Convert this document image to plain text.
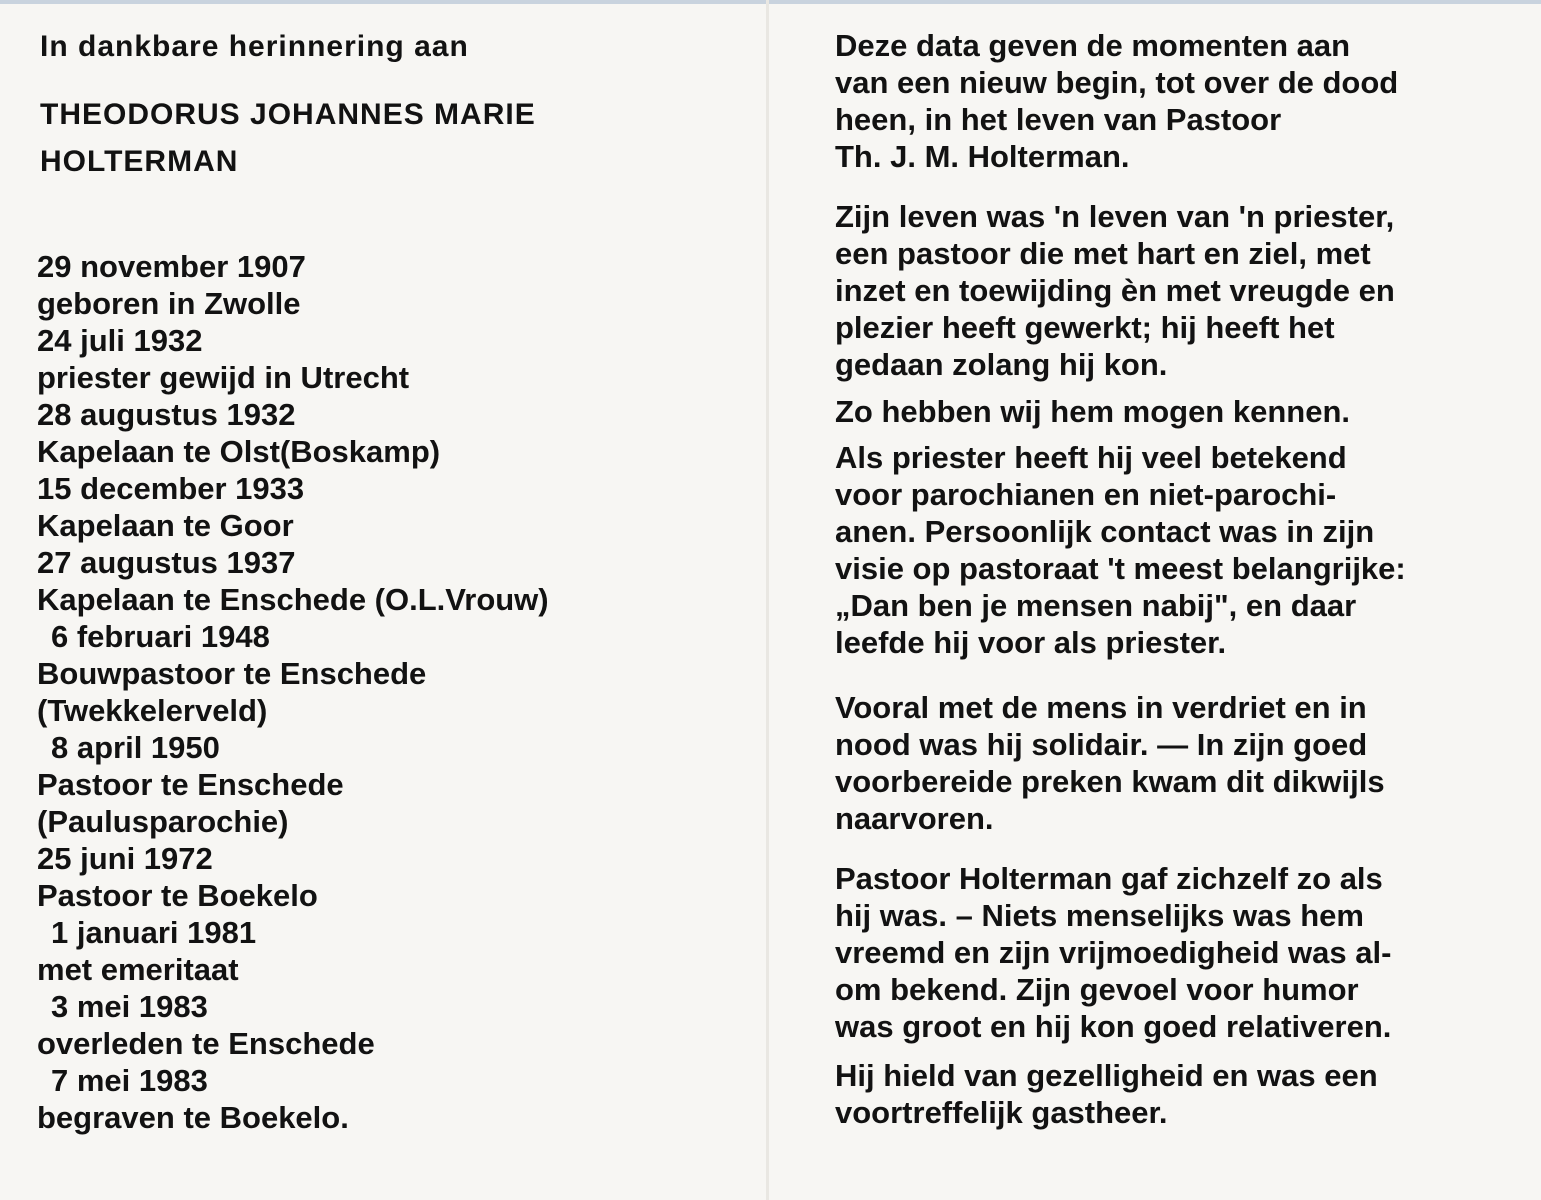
In dankbare herinnering aan
THEODORUS JOHANNES MARIE
HOLTERMAN
29 november 1907
geboren in Zwolle
24 juli 1932
priester gewijd in Utrecht
28 augustus 1932
Kapelaan te Olst(Boskamp)
15 december 1933
Kapelaan te Goor
27 augustus 1937
Kapelaan te Enschede (O.L.Vrouw)
6 februari 1948
Bouwpastoor te Enschede
(Twekkelerveld)
8 april 1950
Pastoor te Enschede
(Paulusparochie)
25 juni 1972
Pastoor te Boekelo
1 januari 1981
met emeritaat
3 mei 1983
overleden te Enschede
7 mei 1983
begraven te Boekelo.

Deze data geven de momenten aan
van een nieuw begin, tot over de dood
heen, in het leven van Pastoor
Th. J. M. Holterman.

Zijn leven was 'n leven van 'n priester,
een pastoor die met hart en ziel, met
inzet en toewijding èn met vreugde en
plezier heeft gewerkt; hij heeft het
gedaan zolang hij kon.

Zo hebben wij hem mogen kennen.

Als priester heeft hij veel betekend
voor parochianen en niet-parochi-
anen. Persoonlijk contact was in zijn
visie op pastoraat 't meest belangrijke:
„Dan ben je mensen nabij", en daar
leefde hij voor als priester.

Vooral met de mens in verdriet en in
nood was hij solidair. — In zijn goed
voorbereide preken kwam dit dikwijls
naarvoren.

Pastoor Holterman gaf zichzelf zo als
hij was. – Niets menselijks was hem
vreemd en zijn vrijmoedigheid was al-
om bekend. Zijn gevoel voor humor
was groot en hij kon goed relativeren.

Hij hield van gezelligheid en was een
voortreffelijk gastheer.
